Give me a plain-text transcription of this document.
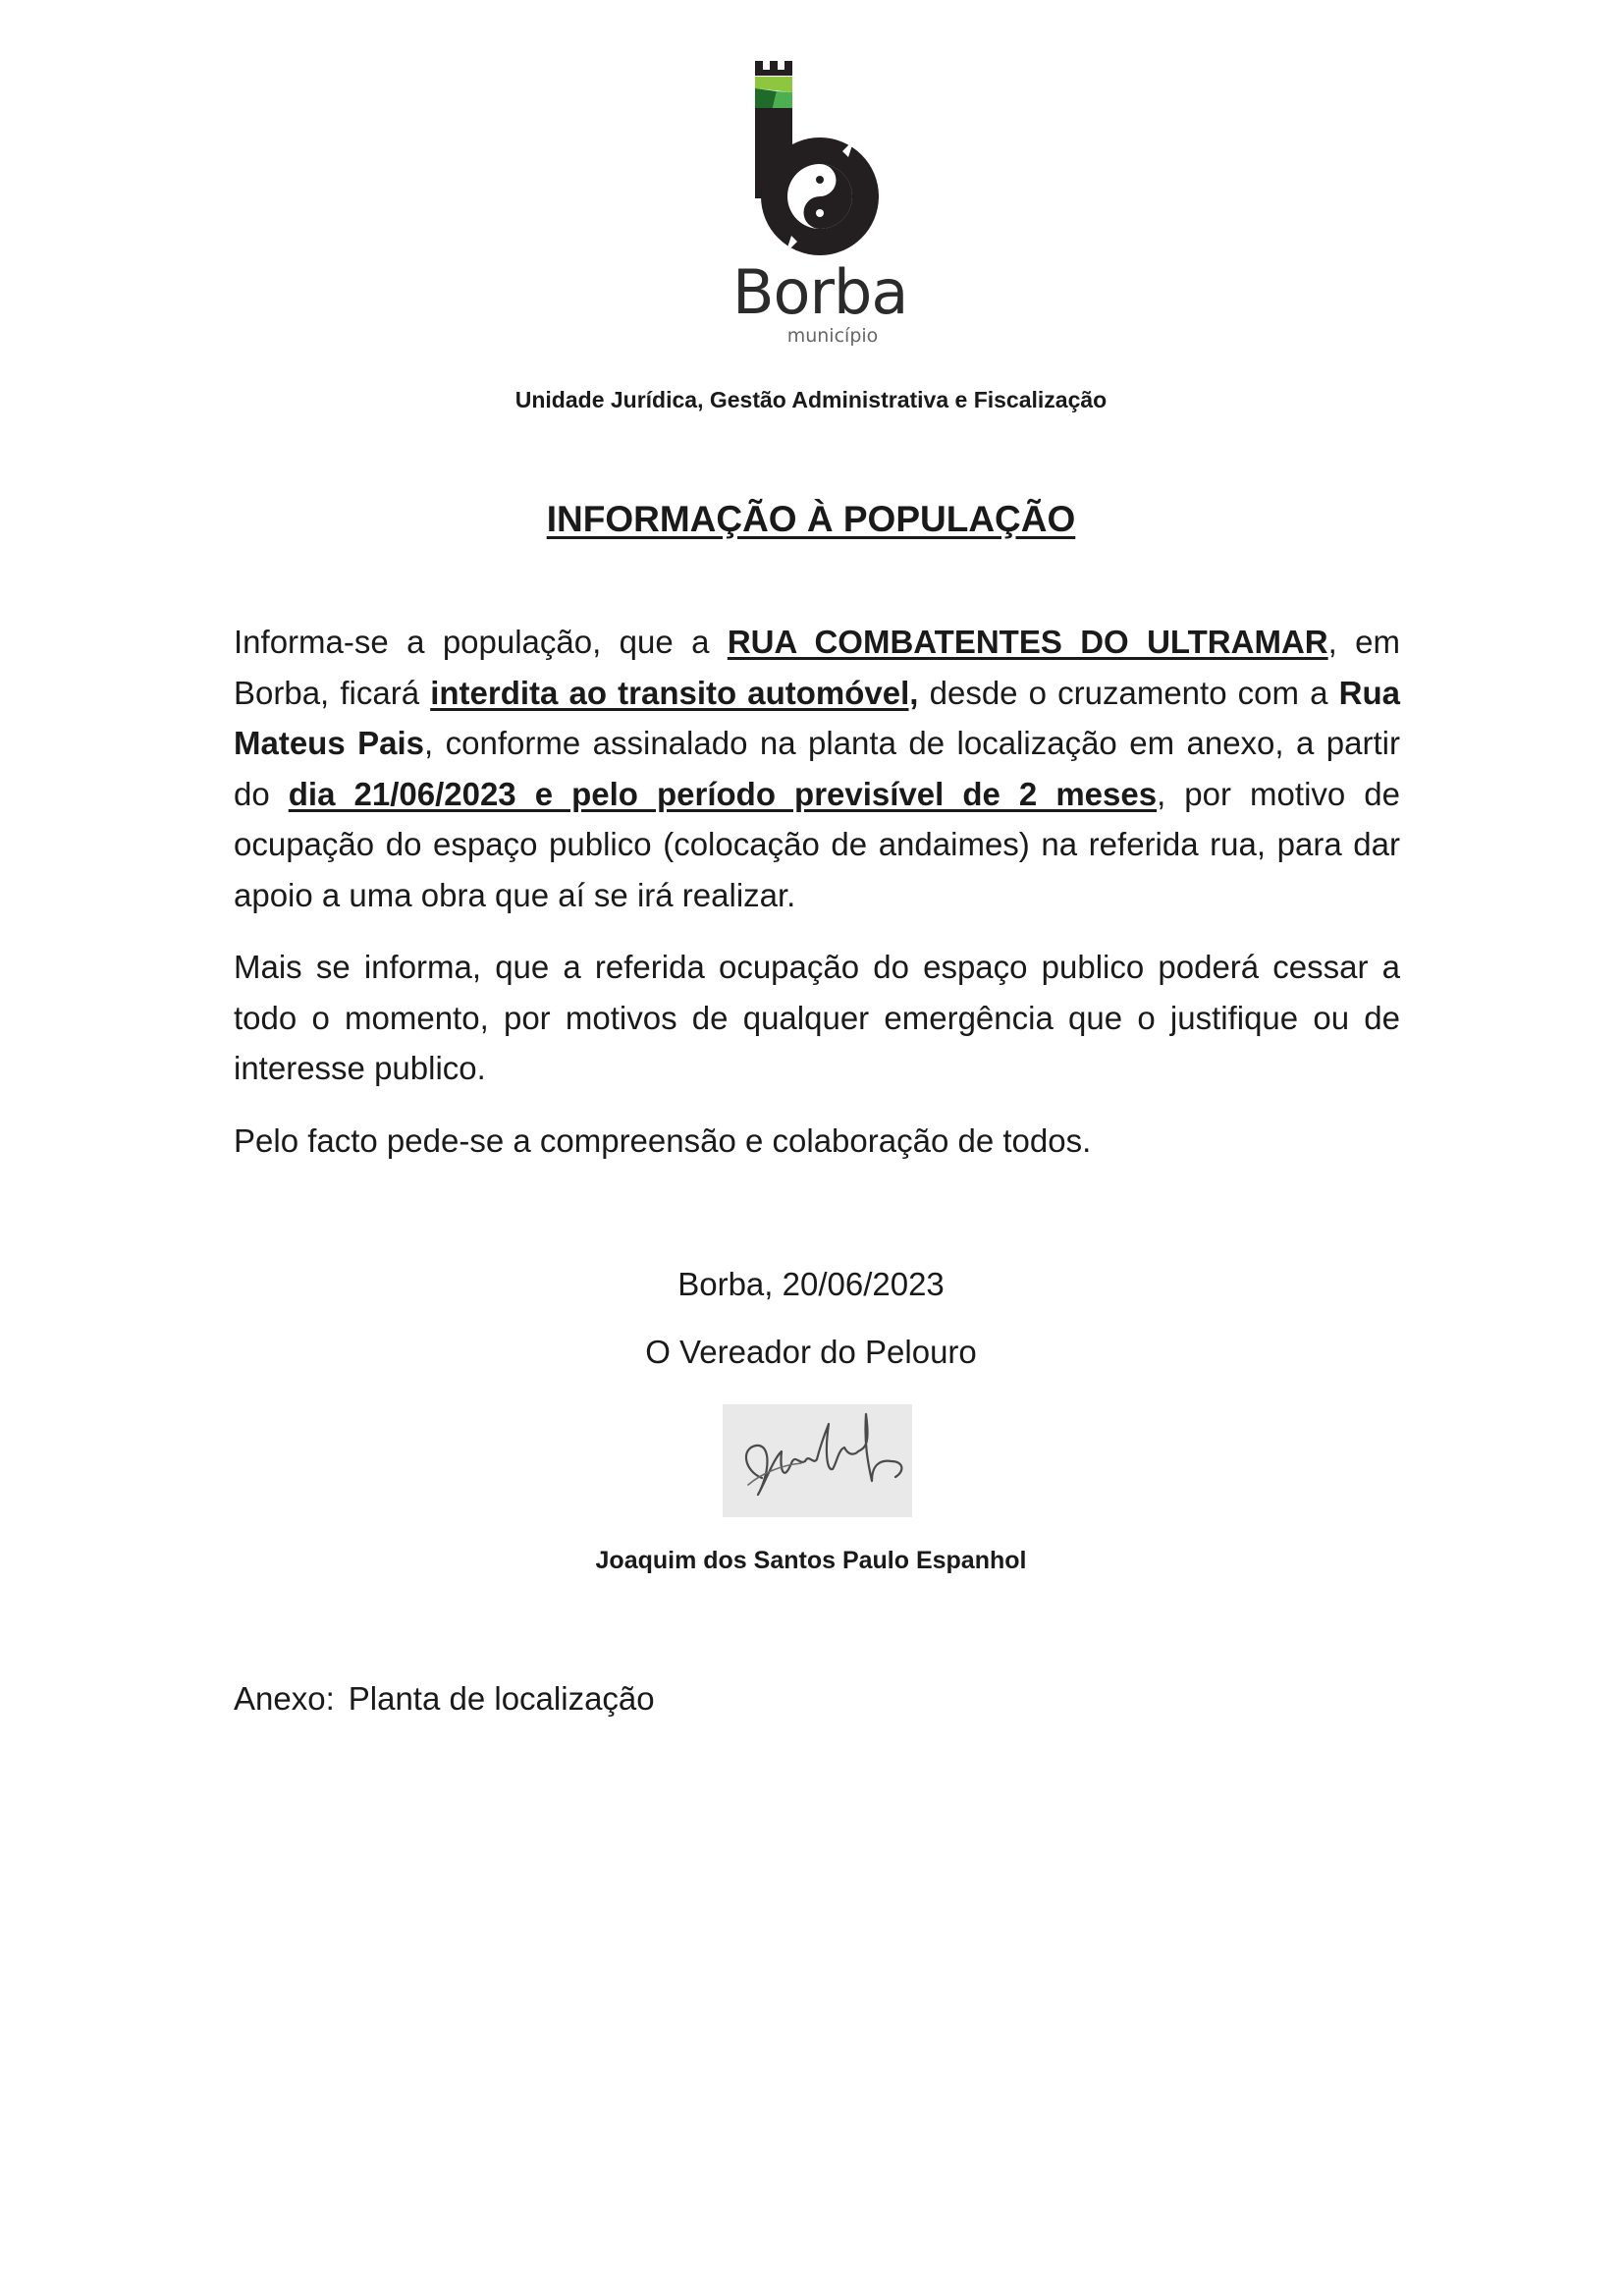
Borba
município
Unidade Jurídica, Gestão Administrativa e Fiscalização
INFORMAÇÃO À POPULAÇÃO

Informa-se a população, que a RUA COMBATENTES DO ULTRAMAR, em Borba, ficará interdita ao transito automóvel, desde o cruzamento com a Rua Mateus Pais, conforme assinalado na planta de localização em anexo, a partir do dia 21/06/2023 e pelo período previsível de 2 meses, por motivo de ocupação do espaço publico (colocação de andaimes) na referida rua, para dar apoio a uma obra que aí se irá realizar.

Mais se informa, que a referida ocupação do espaço publico poderá cessar a todo o momento, por motivos de qualquer emergência que o justifique ou de interesse publico.

Pelo facto pede-se a compreensão e colaboração de todos.

Borba, 20/06/2023

O Vereador do Pelouro

Joaquim dos Santos Paulo Espanhol
Anexo: Planta de localização
